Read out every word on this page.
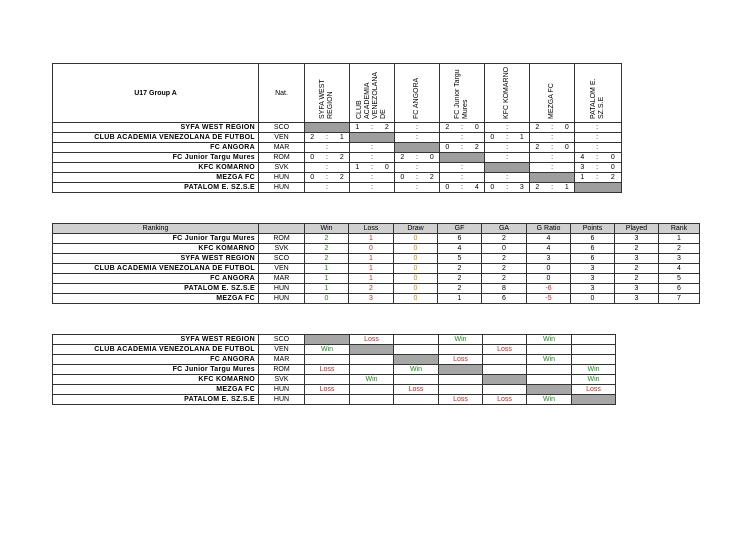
U17 Group A	Nat.	SYFA WEST REGION			CLUB ACADEMIA VENEZOLANA DE			FC ANGORA			FC Junior Targu Mures			KFC KOMARNO			MEZGA FC			PATALOM E. SZ.S.E		
SYFA WEST REGION	SCO				1	:	2		:		2	:	0		:		2	:	0		:	
CLUB ACADEMIA VENEZOLANA DE FUTBOL	VEN	2	:	1					:			:		0	:	1		:			:	
FC ANGORA	MAR		:			:					0	:	2		:		2	:	0		:	
FC Junior Targu Mures	ROM	0	:	2		:		2	:	0					:			:		4	:	0
KFC KOMARNO	SVK		:		1	:	0		:			:						:		3	:	0
MEZGA FC	HUN	0	:	2		:		0	:	2		:			:					1	:	2
PATALOM E. SZ.S.E	HUN		:			:			:		0	:	4	0	:	3	2	:	1			
Ranking		Win	Loss	Draw	GF	GA	G Ratio	Points	Played	Rank
FC Junior Targu Mures	ROM	2	1	0	6	2	4	6	3	1
KFC KOMARNO	SVK	2	0	0	4	0	4	6	2	2
SYFA WEST REGION	SCO	2	1	0	5	2	3	6	3	3
CLUB ACADEMIA VENEZOLANA DE FUTBOL	VEN	1	1	0	2	2	0	3	2	4
FC ANGORA	MAR	1	1	0	2	2	0	3	2	5
PATALOM E. SZ.S.E	HUN	1	2	0	2	8	-6	3	3	6
MEZGA FC	HUN	0	3	0	1	6	-5	0	3	7
SYFA WEST REGION	SCO		Loss		Win		Win	
CLUB ACADEMIA VENEZOLANA DE FUTBOL	VEN	Win				Loss		
FC ANGORA	MAR				Loss		Win	
FC Junior Targu Mures	ROM	Loss		Win				Win
KFC KOMARNO	SVK		Win					Win
MEZGA FC	HUN	Loss		Loss				Loss
PATALOM E. SZ.S.E	HUN				Loss	Loss	Win	
